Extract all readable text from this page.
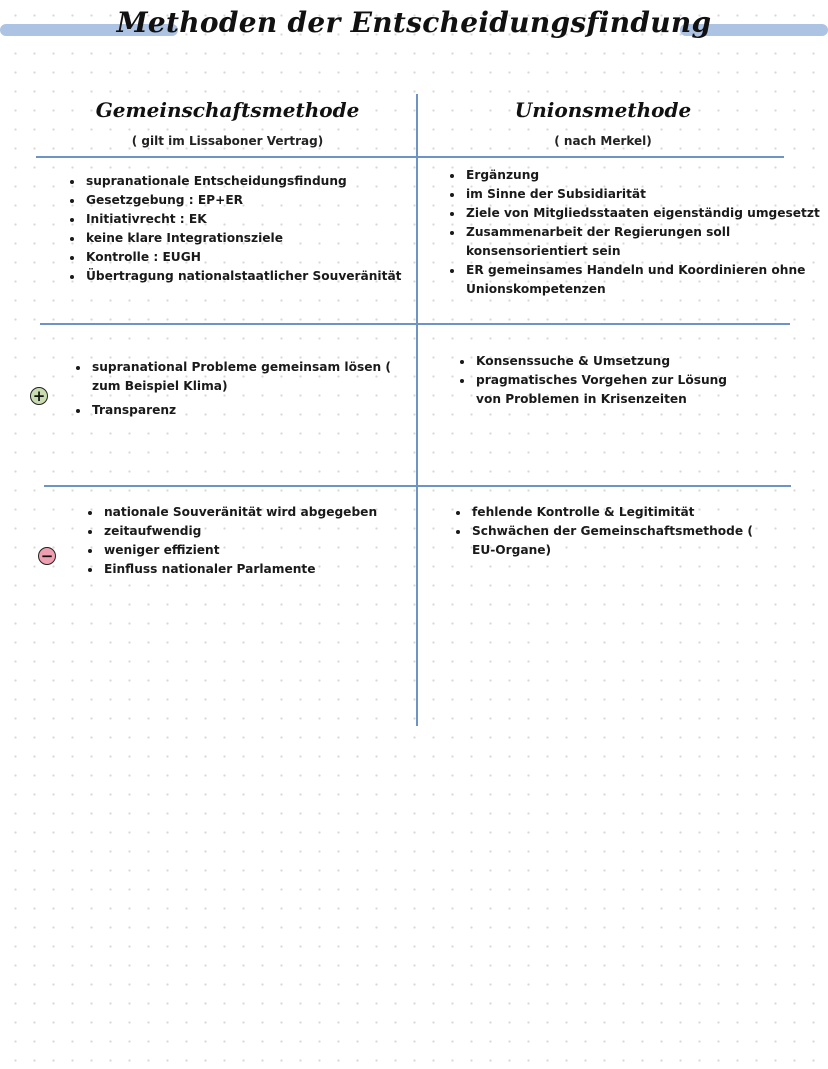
Methoden der Entscheidungsfindung
Gemeinschaftsmethode
( gilt im Lissaboner Vertrag)
Unionsmethode
( nach Merkel)
• supranationale Entscheidungsfindung
• Gesetzgebung : EP+ER
• Initiativrecht : EK
• keine klare Integrationsziele
• Kontrolle : EUGH
• Übertragung nationalstaatlicher Souveränität
• Ergänzung
• im Sinne der Subsidiarität
• Ziele von Mitgliedsstaaten eigenständig umgesetzt
• Zusammenarbeit der Regierungen soll konsensorientiert sein
• ER gemeinsames Handeln und Koordinieren ohne Unionskompetenzen
+
• supranational Probleme gemeinsam lösen ( zum Beispiel Klima)
• Transparenz
• Konsenssuche & Umsetzung
• pragmatisches Vorgehen zur Lösung von Problemen in Krisenzeiten
−
• nationale Souveränität wird abgegeben
• zeitaufwendig
• weniger effizient
• Einfluss nationaler Parlamente
• fehlende Kontrolle & Legitimität
• Schwächen der Gemeinschaftsmethode ( EU-Organe)
